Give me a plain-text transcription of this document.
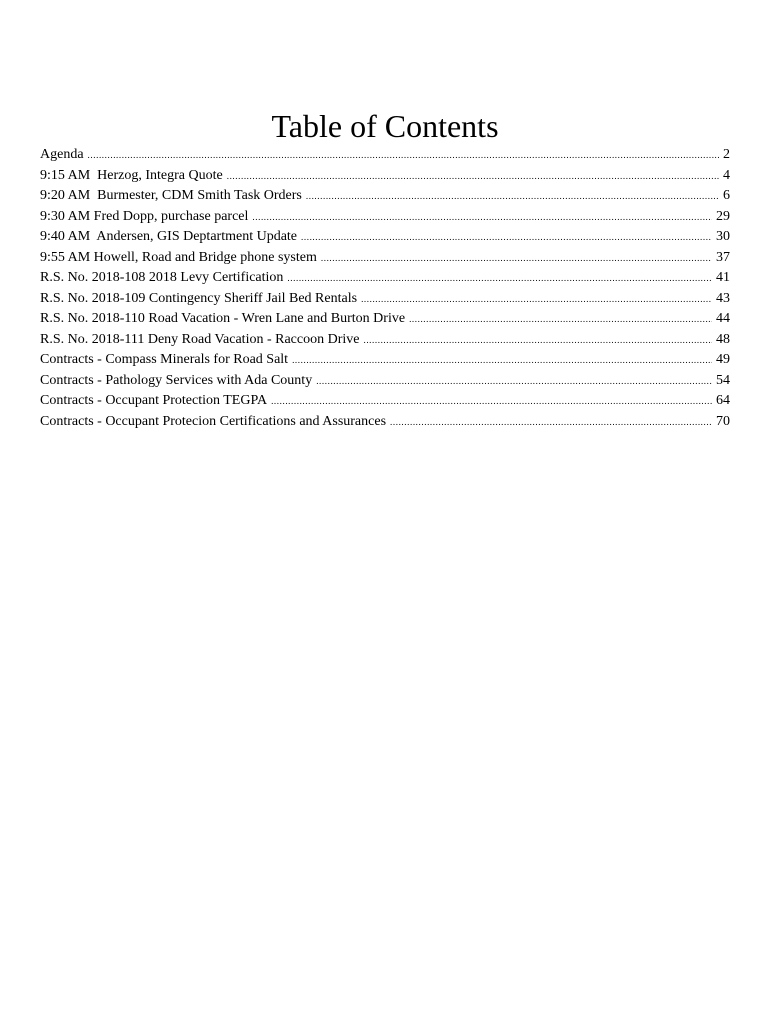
Table of Contents
Agenda .....	2
9:15 AM  Herzog, Integra Quote .....	4
9:20 AM  Burmester, CDM Smith Task Orders .....	6
9:30 AM Fred Dopp, purchase parcel .....	29
9:40 AM  Andersen, GIS Deptartment Update .....	30
9:55 AM Howell, Road and Bridge phone system .....	37
R.S. No. 2018-108 2018 Levy Certification .....	41
R.S. No. 2018-109 Contingency Sheriff Jail Bed Rentals .....	43
R.S. No. 2018-110 Road Vacation - Wren Lane and Burton Drive .....	44
R.S. No. 2018-111 Deny Road Vacation - Raccoon Drive .....	48
Contracts - Compass Minerals for Road Salt .....	49
Contracts - Pathology Services with Ada County .....	54
Contracts - Occupant Protection TEGPA .....	64
Contracts - Occupant Protecion Certifications and Assurances .....	70
